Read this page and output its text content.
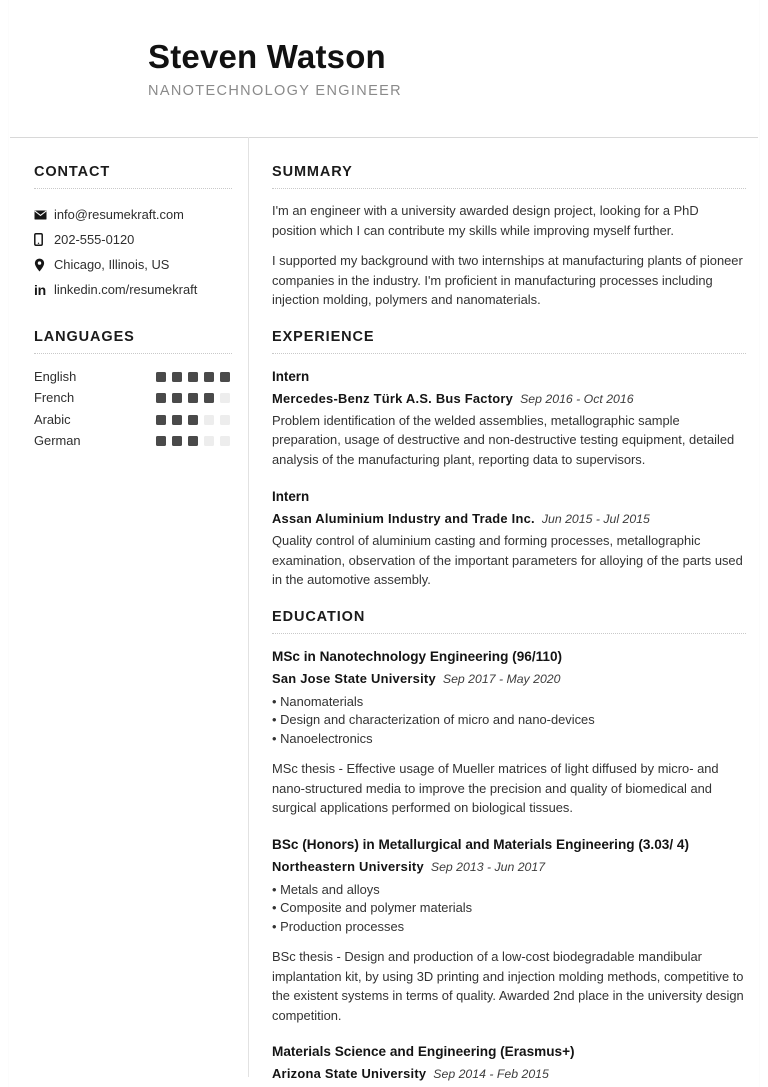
Steven Watson
NANOTECHNOLOGY ENGINEER
CONTACT
info@resumekraft.com
202-555-0120
Chicago, Illinois, US
in linkedin.com/resumekraft
LANGUAGES
English
French
Arabic
German
SUMMARY
I'm an engineer with a university awarded design project, looking for a PhD position which I can contribute my skills while improving myself further.
I supported my background with two internships at manufacturing plants of pioneer companies in the industry. I'm proficient in manufacturing processes including injection molding, polymers and nanomaterials.
EXPERIENCE
Intern
Mercedes-Benz Türk A.S. Bus Factory Sep 2016 - Oct 2016
Problem identification of the welded assemblies, metallographic sample preparation, usage of destructive and non-destructive testing equipment, detailed analysis of the manufacturing plant, reporting data to supervisors.
Intern
Assan Aluminium Industry and Trade Inc. Jun 2015 - Jul 2015
Quality control of aluminium casting and forming processes, metallographic examination, observation of the important parameters for alloying of the parts used in the automotive assembly.
EDUCATION
MSc in Nanotechnology Engineering (96/110)
San Jose State University Sep 2017 - May 2020
• Nanomaterials
• Design and characterization of micro and nano-devices
• Nanoelectronics
MSc thesis - Effective usage of Mueller matrices of light diffused by micro- and nano-structured media to improve the precision and quality of biomedical and surgical applications performed on biological tissues.
BSc (Honors) in Metallurgical and Materials Engineering (3.03/ 4)
Northeastern University Sep 2013 - Jun 2017
• Metals and alloys
• Composite and polymer materials
• Production processes
BSc thesis - Design and production of a low-cost biodegradable mandibular implantation kit, by using 3D printing and injection molding methods, competitive to the existent systems in terms of quality. Awarded 2nd place in the university design competition.
Materials Science and Engineering (Erasmus+)
Arizona State University Sep 2014 - Feb 2015
